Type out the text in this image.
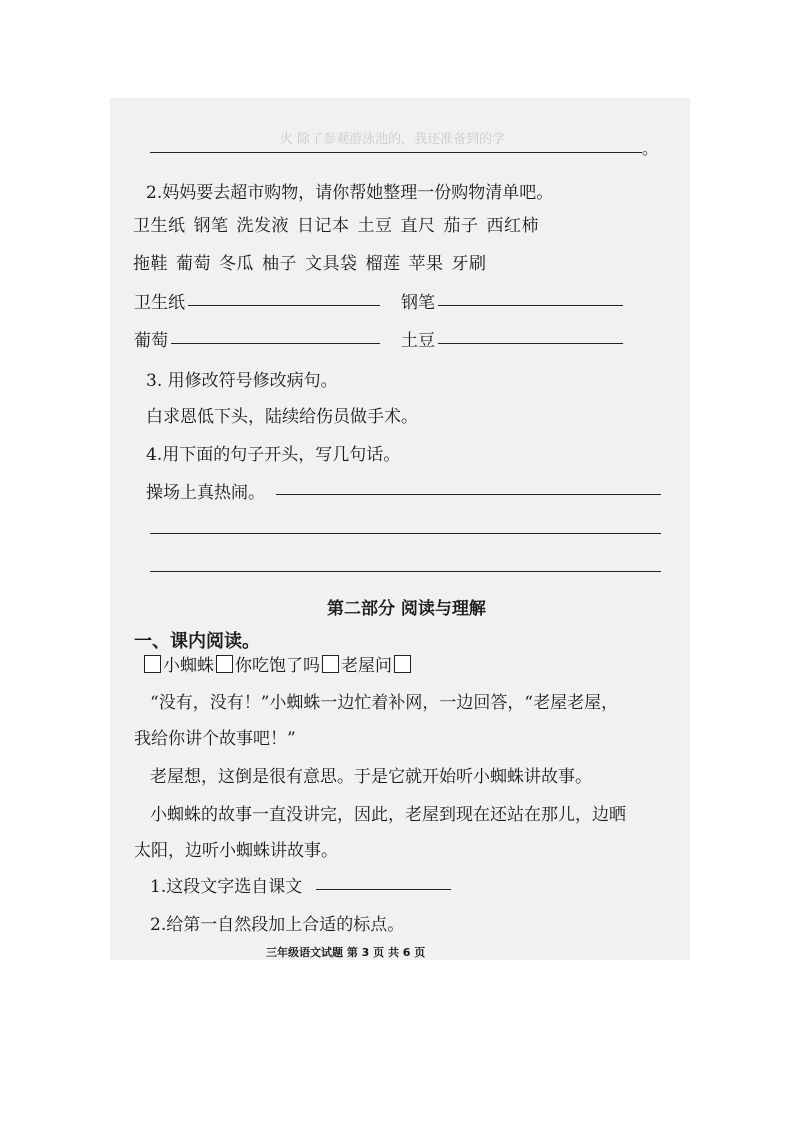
火 除了参观游泳池的，我还准备到的学	。
2.妈妈要去超市购物，请你帮她整理一份购物清单吧。
卫生纸 钢笔 洗发液 日记本 土豆 直尺 茄子 西红柿
拖鞋 葡萄 冬瓜 柚子 文具袋 榴莲 苹果 牙刷
卫生纸	钢笔
葡萄	土豆
3. 用修改符号修改病句。
白求恩低下头，陆续给伤员做手术。
4.用下面的句子开头，写几句话。
操场上真热闹。
第二部分 阅读与理解
一、课内阅读。
小蜘蛛 你吃饱了吗 老屋问
“没有，没有！”小蜘蛛一边忙着补网，一边回答，“老屋老屋，
我给你讲个故事吧！”
老屋想，这倒是很有意思。于是它就开始听小蜘蛛讲故事。
小蜘蛛的故事一直没讲完，因此，老屋到现在还站在那儿，边晒
太阳，边听小蜘蛛讲故事。
1.这段文字选自课文
2.给第一自然段加上合适的标点。
三年级语文试题 第 3 页 共 6 页
